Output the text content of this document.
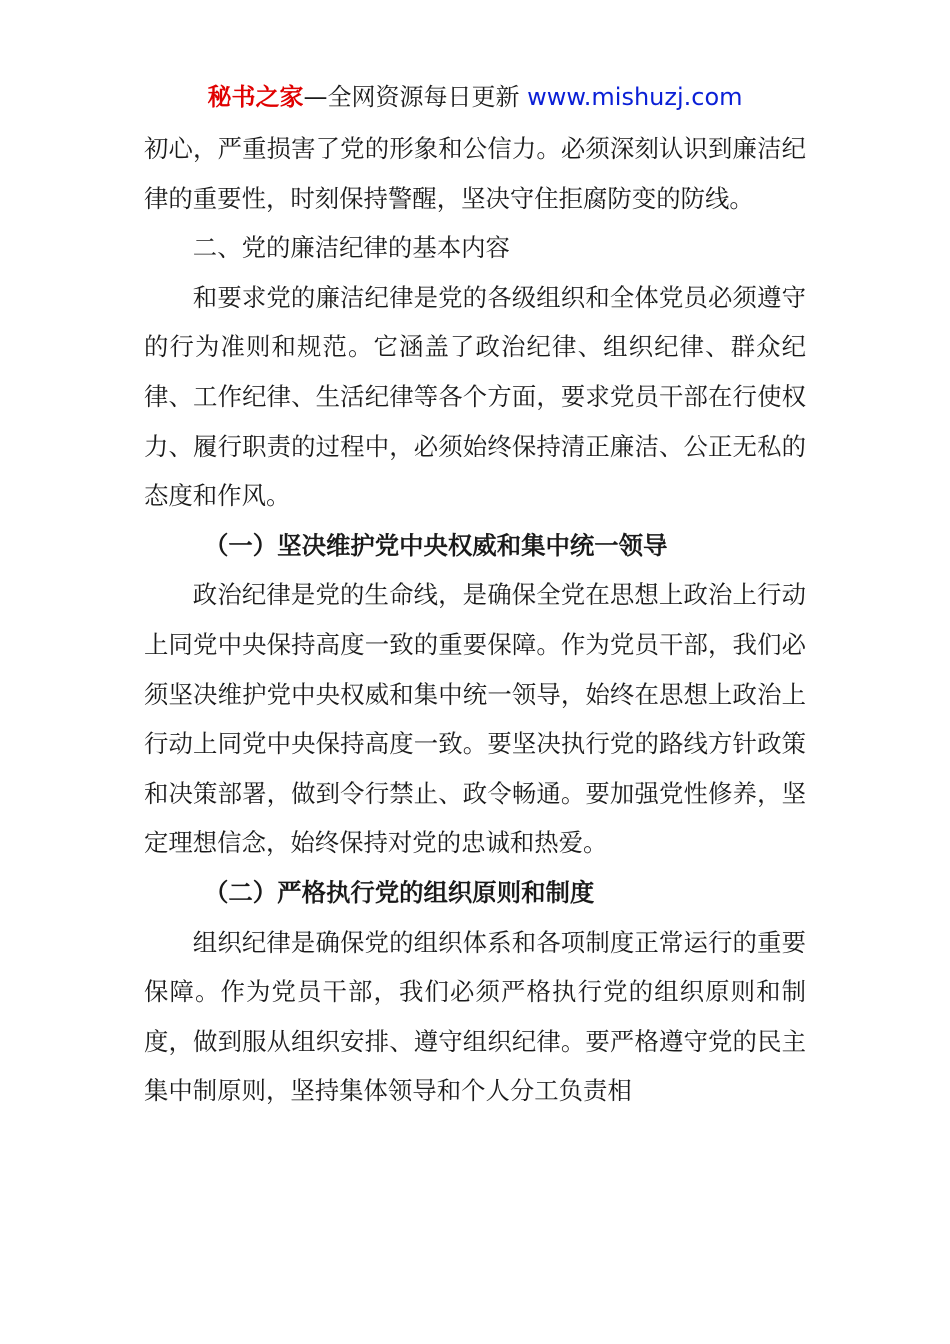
秘书之家—全网资源每日更新 www.mishuzj.com

初心，严重损害了党的形象和公信力。必须深刻认识到廉洁纪律的重要性，时刻保持警醒，坚决守住拒腐防变的防线。

二、党的廉洁纪律的基本内容

和要求党的廉洁纪律是党的各级组织和全体党员必须遵守的行为准则和规范。它涵盖了政治纪律、组织纪律、群众纪律、工作纪律、生活纪律等各个方面，要求党员干部在行使权力、履行职责的过程中，必须始终保持清正廉洁、公正无私的态度和作风。

（一）坚决维护党中央权威和集中统一领导

政治纪律是党的生命线，是确保全党在思想上政治上行动上同党中央保持高度一致的重要保障。作为党员干部，我们必须坚决维护党中央权威和集中统一领导，始终在思想上政治上行动上同党中央保持高度一致。要坚决执行党的路线方针政策和决策部署，做到令行禁止、政令畅通。要加强党性修养，坚定理想信念，始终保持对党的忠诚和热爱。

（二）严格执行党的组织原则和制度

组织纪律是确保党的组织体系和各项制度正常运行的重要保障。作为党员干部，我们必须严格执行党的组织原则和制度，做到服从组织安排、遵守组织纪律。要严格遵守党的民主集中制原则，坚持集体领导和个人分工负责相
